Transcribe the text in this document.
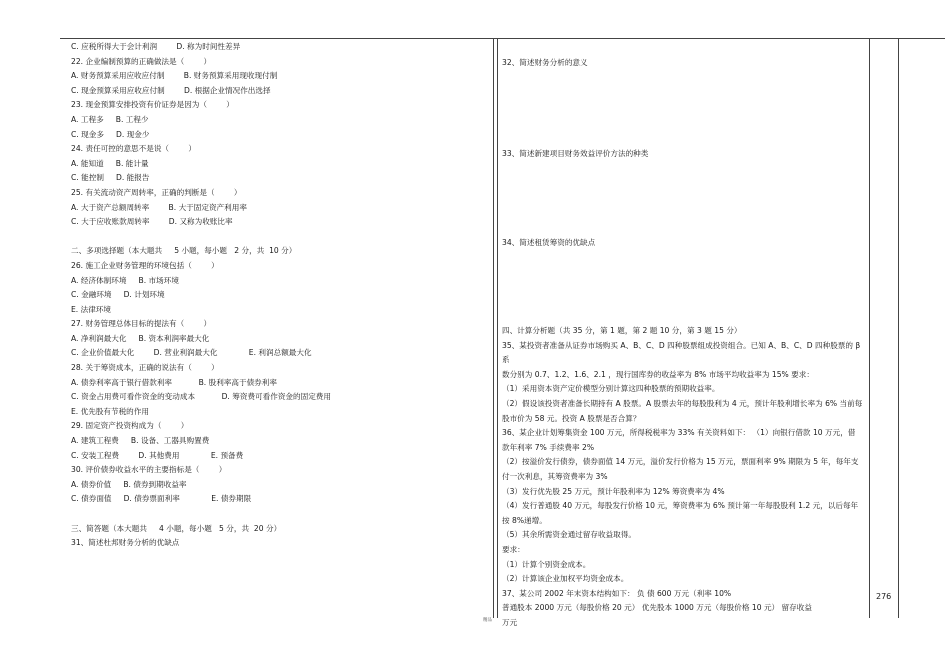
C. 应税所得大于会计利润        D. 称为时间性差异
22. 企业编制预算的正确做法是（        ）
A. 财务预算采用应收应付制        B. 财务预算采用现收现付制
C. 现金预算采用应收应付制        D. 根据企业情况作出选择
23. 现金预算安排投资有价证券是因为（        ）
A. 工程多     B. 工程少
C. 现金多     D. 现金少
24. 责任可控的意思不是说（        ）
A. 能知道     B. 能计量
C. 能控制     D. 能报告
25. 有关流动资产周转率，正确的判断是（        ）
A. 大于资产总额周转率        B. 大于固定资产利用率
C. 大于应收账款周转率        D. 又称为收账比率

二、多项选择题（本大题共     5 小题，每小题   2 分，共  10 分）
26. 施工企业财务管理的环境包括（        ）
A. 经济体制环境     B. 市场环境
C. 金融环境     D. 计划环境
E. 法律环境
27. 财务管理总体目标的提法有（        ）
A. 净利润最大化     B. 资本利润率最大化
C. 企业价值最大化        D. 营业利润最大化             E. 利润总额最大化
28. 关于筹资成本，正确的说法有（        ）
A. 债券利率高于银行借款利率           B. 股利率高于债券利率
C. 资金占用费可看作资金的变动成本           D. 筹资费可看作资金的固定费用
E. 优先股有节税的作用
29. 固定资产投资构成为（        ）
A. 建筑工程费     B. 设备、工器具购置费
C. 安装工程费        D. 其他费用             E. 预备费
30. 评价债券收益水平的主要指标是（        ）
A. 债券价值     B. 债券到期收益率
C. 债券面值     D. 债券票面利率             E. 债券期限

三、简答题（本大题共     4 小题，每小题   5 分，共  20 分）
31、简述杜邦财务分析的优缺点
32、简述财务分析的意义
33、简述新建项目财务效益评价方法的种类
34、简述租赁筹资的优缺点
四、计算分析题（共 35 分，第 1 题，第 2 题 10 分，第 3 题 15 分）
35、某投资者准备从证券市场购买 A、B、C、D 四种股票组成投资组合。已知 A、B、C、D 四种股票的 β 系
数分别为 0.7、1.2、1.6、2.1 ，现行国库券的收益率为 8% 市场平均收益率为 15% 要求：
（1）采用资本资产定价模型分别计算这四种股票的预期收益率。
（2）假设该投资者准备长期持有 A 股票。A 股票去年的每股股利为 4 元，预计年股利增长率为 6% 当前每
股市价为 58 元。投资 A 股票是否合算？
36、某企业计划筹集资金 100 万元，所得税税率为 33% 有关资料如下： （1）向银行借款 10 万元，借
款年利率 7% 手续费率 2%
（2）按溢价发行债券，债券面值 14 万元，溢价发行价格为 15 万元，票面利率 9% 期限为 5 年，每年支
付一次利息，其筹资费率为 3%
（3）发行优先股 25 万元，预计年股利率为 12% 筹资费率为 4%
（4）发行普通股 40 万元，每股发行价格 10 元，筹资费率为 6% 预计第一年每股股利 1.2 元，以后每年
按 8%递增。
（5）其余所需资金通过留存收益取得。
要求：
（1）计算个别资金成本。
（2）计算该企业加权平均资金成本。
37、某公司 2002 年末资本结构如下： 负 债 600 万元（利率 10%
普通股本 2000 万元（每股价格 20 元） 优先股本 1000 万元（每股价格 10 元） 留存收益
万元
276
精品
